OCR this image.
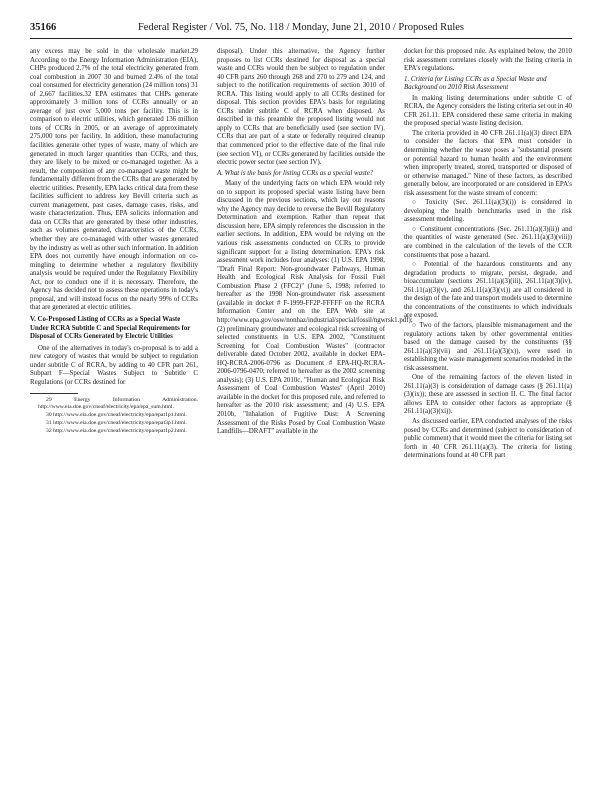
35166	Federal Register / Vol. 75, No. 118 / Monday, June 21, 2010 / Proposed Rules

any excess may be sold in the wholesale market.29 According to the Energy Information Administration (EIA), CHPs produced 2.7% of the total electricity generated from coal combustion in 2007 30 and burned 2.4% of the total coal consumed for electricity generation (24 million tons) 31 of 2,667 facilities.32 EPA estimates that CHPs generate approximately 3 million tons of CCRs annually or an average of just over 5,000 tons per facility. This is in comparison to electric utilities, which generated 136 million tons of CCRs in 2005, or an average of approximately 275,000 tons per facility. In addition, these manufacturing facilities generate other types of waste, many of which are generated in much larger quantities than CCRs, and thus, they are likely to be mixed or co-managed together. As a result, the composition of any co-managed waste might be fundamentally different from the CCRs that are generated by electric utilities. Presently, EPA lacks critical data from these facilities sufficient to address key Bevill criteria such as current management, past cases, damage cases, risks, and waste characterization. Thus, EPA solicits information and data on CCRs that are generated by these other industries, such as volumes generated, characteristics of the CCRs, whether they are co-managed with other wastes generated by the industry as well as other such information. In addition EPA does not currently have enough information on co-mingling to determine whether a regulatory flexibility analysis would be required under the Regulatory Flexibility Act, nor to conduct one if it is necessary. Therefore, the Agency has decided not to assess these operations in today's proposal, and will instead focus on the nearly 99% of CCRs that are generated at electric utilities.

V. Co-Proposed Listing of CCRs as a Special Waste Under RCRA Subtitle C and Special Requirements for Disposal of CCRs Generated by Electric Utilities

One of the alternatives in today's co-proposal is to add a new category of wastes that would be subject to regulation under subtitle C of RCRA, by adding to 40 CFR part 261, Subpart F—Special Wastes Subject to Subtitle C Regulations (or CCRs destined for

29 Energy Information Administration. http://www.eia.doe.gov/cneaf/electricity/epa/epa_sum.html.

30 http://www.eia.doe.gov/cneaf/electricity/epa/epat1p1.html.

31 http://www.eia.doe.gov/cneaf/electricity/epa/epat3p1.html.

32 http://www.eia.doe.gov/cneaf/electricity/epa/epat1p2.html.

disposal). Under this alternative, the Agency further proposes to list CCRs destined for disposal as a special waste and CCRs would then be subject to regulation under 40 CFR parts 260 through 268 and 270 to 279 and 124, and subject to the notification requirements of section 3010 of RCRA. This listing would apply to all CCRs destined for disposal. This section provides EPA's basis for regulating CCRs under subtitle C of RCRA when disposed. As described in this preamble the proposed listing would not apply to CCRs that are beneficially used (see section IV). CCRs that are part of a state or federally required cleanup that commenced prior to the effective date of the final rule (see section VI), or CCRs generated by facilities outside the electric power sector (see section IV).

A. What is the basis for listing CCRs as a special waste?

Many of the underlying facts on which EPA would rely on to support its proposed special waste listing have been discussed in the previous sections, which lay out reasons why the Agency may decide to reverse the Bevill Regulatory Determination and exemption. Rather than repeat that discussion here, EPA simply references the discussion in the earlier sections. In addition, EPA would be relying on the various risk assessments conducted on CCRs to provide significant support for a listing determination. EPA's risk assessment work includes four analyses: (1) U.S. EPA 1998, "Draft Final Report: Non-groundwater Pathways, Human Health and Ecological Risk Analysis for Fossil Fuel Combustion Phase 2 (FFC2)" (June 5, 1998; referred to hereafter as the 1998 Non-groundwater risk assessment (available in docket # F-1999-FF2P-FFFFF on the RCRA Information Center and on the EPA Web site at http://www.epa.gov/osw/nonhaz/industrial/special/fossil/ngwrsk1.pdf); (2) preliminary groundwater and ecological risk screening of selected constituents in U.S. EPA 2002, "Constituent Screening for Coal Combustion Wastes" (contractor deliverable dated October 2002, available in docket EPA-HQ-RCRA-2006-0796 as Document # EPA-HQ-RCRA-2006-0796-0470; referred to hereafter as the 2002 screening analysis); (3) U.S. EPA 2010c, "Human and Ecological Risk Assessment of Coal Combustion Wastes" (April 2010) available in the docket for this proposed rule, and referred to hereafter as the 2010 risk assessment; and (4) U.S. EPA 2010b, "Inhalation of Fugitive Dust: A Screening Assessment of the Risks Posed by Coal Combustion Waste Landfills—DRAFT" available in the

docket for this proposed rule. As explained below, the 2010 risk assessment correlates closely with the listing criteria in EPA's regulations.

1. Criteria for Listing CCRs as a Special Waste and Background on 2010 Risk Assessment

In making listing determinations under subtitle C of RCRA, the Agency considers the listing criteria set out in 40 CFR 261.11. EPA considered these same criteria in making the proposed special waste listing decision.

The criteria provided in 40 CFR 261.11(a)(3) direct EPA to consider the factors that EPA must consider in determining whether the waste poses a "substantial present or potential hazard to human health and the environment when improperly treated, stored, transported or disposed of or otherwise managed." Nine of these factors, as described generally below, are incorporated or are considered in EPA's risk assessment for the waste stream of concern:

○ Toxicity (Sec. 261.11(a)(3)(i)) is considered in developing the health benchmarks used in the risk assessment modeling.

○ Constituent concentrations (Sec. 261.11(a)(3)(ii)) and the quantities of waste generated (Sec. 261.11(a)(3)(viii)) are combined in the calculation of the levels of the CCR constituents that pose a hazard.

○ Potential of the hazardous constituents and any degradation products to migrate, persist, degrade, and bioaccumulate (sections 261.11(a)(3)(iii), 261.11(a)(3)(iv), 261.11(a)(3)(v), and 261.11(a)(3)(vi)) are all considered in the design of the fate and transport models used to determine the concentrations of the constituents to which individuals are exposed.

○ Two of the factors, plausible mismanagement and the regulatory actions taken by other governmental entities based on the damage caused by the constituents (§§ 261.11(a)(3)(vii) and 261.11(a)(3)(x)), were used in establishing the waste management scenarios modeled in the risk assessment.

One of the remaining factors of the eleven listed in 261.11(a)(3) is consideration of damage cases (§ 261.11(a)(3)(ix)); these are assessed in section II. C. The final factor allows EPA to consider other factors as appropriate (§ 261.11(a)(3)(xi)).

As discussed earlier, EPA conducted analyses of the risks posed by CCRs and determined (subject to consideration of public comment) that it would meet the criteria for listing set forth in 40 CFR 261.11(a)(3). The criteria for listing determinations found at 40 CFR part
